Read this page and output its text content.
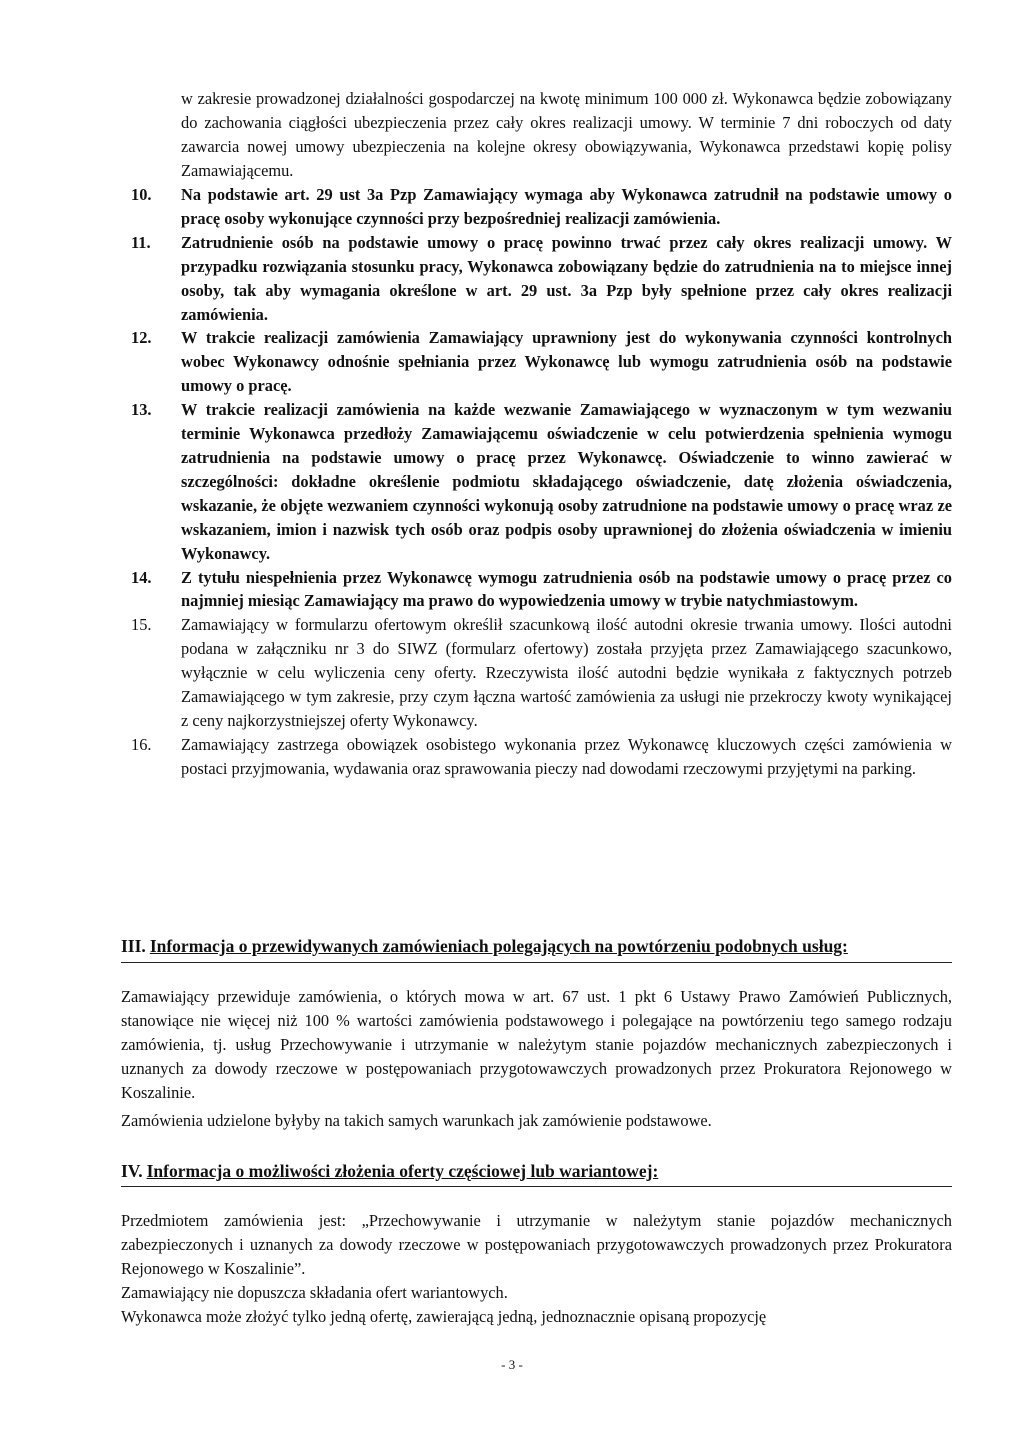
w zakresie prowadzonej działalności gospodarczej na kwotę minimum 100 000 zł. Wykonawca będzie zobowiązany do zachowania ciągłości ubezpieczenia przez cały okres realizacji umowy. W terminie 7 dni roboczych od daty zawarcia nowej umowy ubezpieczenia na kolejne okresy obowiązywania, Wykonawca przedstawi kopię polisy Zamawiającemu.

10.	Na podstawie art. 29 ust 3a Pzp Zamawiający wymaga aby Wykonawca zatrudnił na podstawie umowy o pracę osoby wykonujące czynności przy bezpośredniej realizacji zamówienia.

11.	Zatrudnienie osób na podstawie umowy o pracę powinno trwać przez cały okres realizacji umowy. W przypadku rozwiązania stosunku pracy, Wykonawca zobowiązany będzie do zatrudnienia na to miejsce innej osoby, tak aby wymagania określone w art. 29 ust. 3a Pzp były spełnione przez cały okres realizacji zamówienia.

12.	W trakcie realizacji zamówienia Zamawiający uprawniony jest do wykonywania czynności kontrolnych wobec Wykonawcy odnośnie spełniania przez Wykonawcę lub wymogu zatrudnienia osób na podstawie umowy o pracę.

13.	W trakcie realizacji zamówienia na każde wezwanie Zamawiającego w wyznaczonym w tym wezwaniu terminie Wykonawca przedłoży Zamawiającemu oświadczenie w celu potwierdzenia spełnienia wymogu zatrudnienia na podstawie umowy o pracę przez Wykonawcę. Oświadczenie to winno zawierać w szczególności: dokładne określenie podmiotu składającego oświadczenie, datę złożenia oświadczenia, wskazanie, że objęte wezwaniem czynności wykonują osoby zatrudnione na podstawie umowy o pracę wraz ze wskazaniem, imion i nazwisk tych osób oraz podpis osoby uprawnionej do złożenia oświadczenia w imieniu Wykonawcy.

14.	Z tytułu niespełnienia przez Wykonawcę wymogu zatrudnienia osób na podstawie umowy o pracę przez co najmniej miesiąc Zamawiający ma prawo do wypowiedzenia umowy w trybie natychmiastowym.

15.	Zamawiający w formularzu ofertowym określił szacunkową ilość autodni okresie trwania umowy. Ilości autodni podana w załączniku nr 3 do SIWZ (formularz ofertowy) została przyjęta przez Zamawiającego szacunkowo, wyłącznie w celu wyliczenia ceny oferty. Rzeczywista ilość autodni będzie wynikała z faktycznych potrzeb Zamawiającego w tym zakresie, przy czym łączna wartość zamówienia za usługi nie przekroczy kwoty wynikającej z ceny najkorzystniejszej oferty Wykonawcy.

16.	Zamawiający zastrzega obowiązek osobistego wykonania przez Wykonawcę kluczowych części zamówienia w postaci przyjmowania, wydawania oraz sprawowania pieczy nad dowodami rzeczowymi przyjętymi na parking.

III. Informacja o przewidywanych zamówieniach polegających na powtórzeniu podobnych usług:

Zamawiający przewiduje zamówienia, o których mowa w art. 67 ust. 1 pkt 6 Ustawy Prawo Zamówień Publicznych, stanowiące nie więcej niż 100 % wartości zamówienia podstawowego i polegające na powtórzeniu tego samego rodzaju zamówienia, tj. usług Przechowywanie i utrzymanie w należytym stanie pojazdów mechanicznych zabezpieczonych i uznanych za dowody rzeczowe w postępowaniach przygotowawczych prowadzonych przez Prokuratora Rejonowego w Koszalinie.

Zamówienia udzielone byłyby na takich samych warunkach jak zamówienie podstawowe.

IV. Informacja o możliwości złożenia oferty częściowej lub wariantowej:

Przedmiotem zamówienia jest: „Przechowywanie i utrzymanie w należytym stanie pojazdów mechanicznych zabezpieczonych i uznanych za dowody rzeczowe w postępowaniach przygotowawczych prowadzonych przez Prokuratora Rejonowego w Koszalinie”.

Zamawiający nie dopuszcza składania ofert wariantowych.

Wykonawca może złożyć tylko jedną ofertę, zawierającą jedną, jednoznacznie opisaną propozycję

- 3 -
